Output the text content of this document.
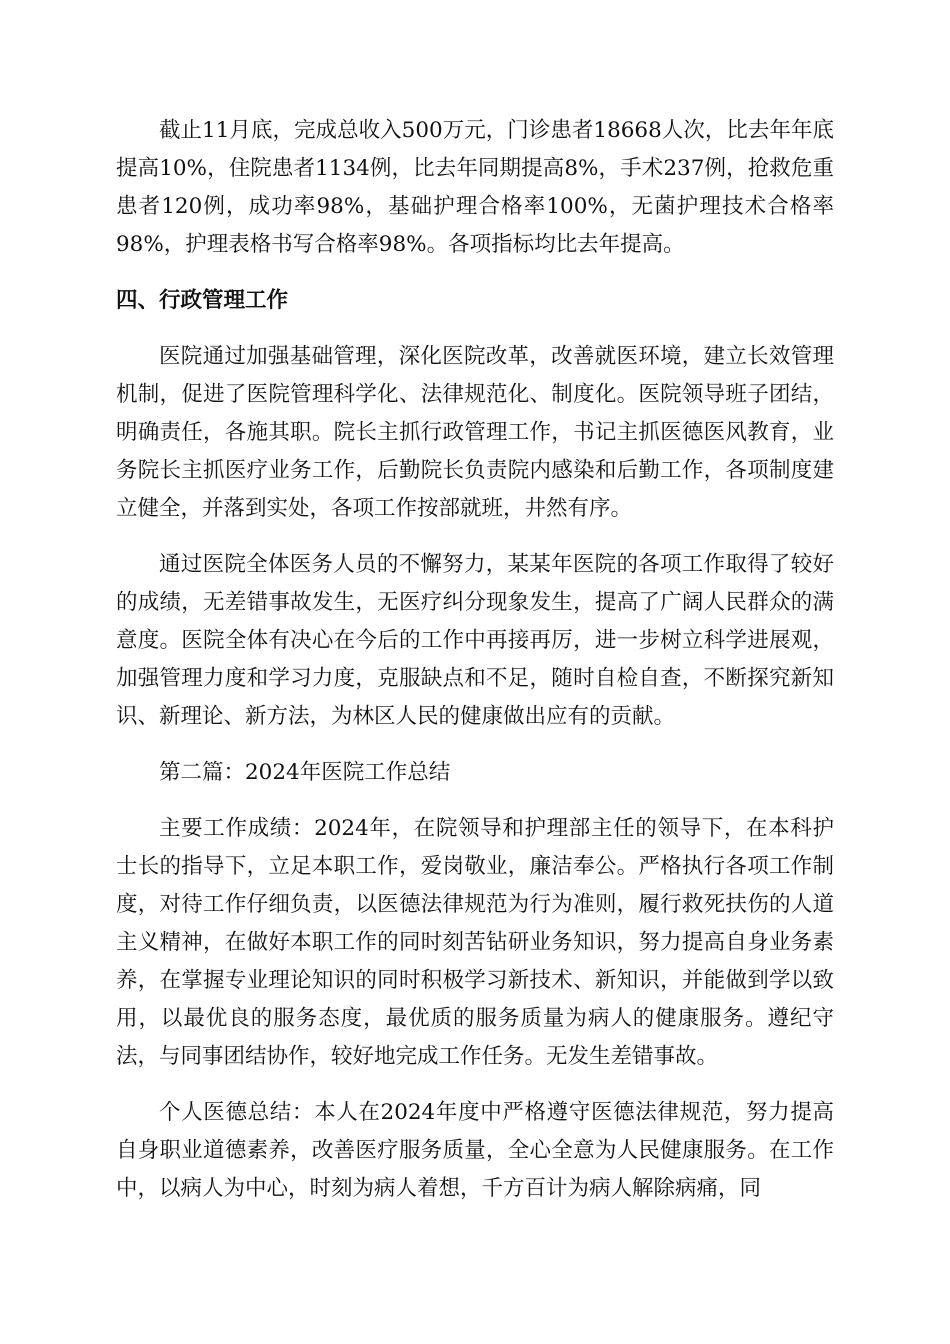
截止11月底，完成总收入500万元，门诊患者18668人次，比去年年底提高10%，住院患者1134例，比去年同期提高8%，手术237例，抢救危重患者120例，成功率98%，基础护理合格率100%，无菌护理技术合格率98%，护理表格书写合格率98%。各项指标均比去年提高。

四、行政管理工作

医院通过加强基础管理，深化医院改革，改善就医环境，建立长效管理机制，促进了医院管理科学化、法律规范化、制度化。医院领导班子团结，明确责任，各施其职。院长主抓行政管理工作，书记主抓医德医风教育，业务院长主抓医疗业务工作，后勤院长负责院内感染和后勤工作，各项制度建立健全，并落到实处，各项工作按部就班，井然有序。

通过医院全体医务人员的不懈努力，某某年医院的各项工作取得了较好的成绩，无差错事故发生，无医疗纠分现象发生，提高了广阔人民群众的满意度。医院全体有决心在今后的工作中再接再厉，进一步树立科学进展观，加强管理力度和学习力度，克服缺点和不足，随时自检自查，不断探究新知识、新理论、新方法，为林区人民的健康做出应有的贡献。

第二篇：2024年医院工作总结

主要工作成绩：2024年，在院领导和护理部主任的领导下，在本科护士长的指导下，立足本职工作，爱岗敬业，廉洁奉公。严格执行各项工作制度，对待工作仔细负责，以医德法律规范为行为准则，履行救死扶伤的人道主义精神，在做好本职工作的同时刻苦钻研业务知识，努力提高自身业务素养，在掌握专业理论知识的同时积极学习新技术、新知识，并能做到学以致用，以最优良的服务态度，最优质的服务质量为病人的健康服务。遵纪守法，与同事团结协作，较好地完成工作任务。无发生差错事故。

个人医德总结：本人在2024年度中严格遵守医德法律规范，努力提高自身职业道德素养，改善医疗服务质量，全心全意为人民健康服务。在工作中，以病人为中心，时刻为病人着想，千方百计为病人解除病痛，同
